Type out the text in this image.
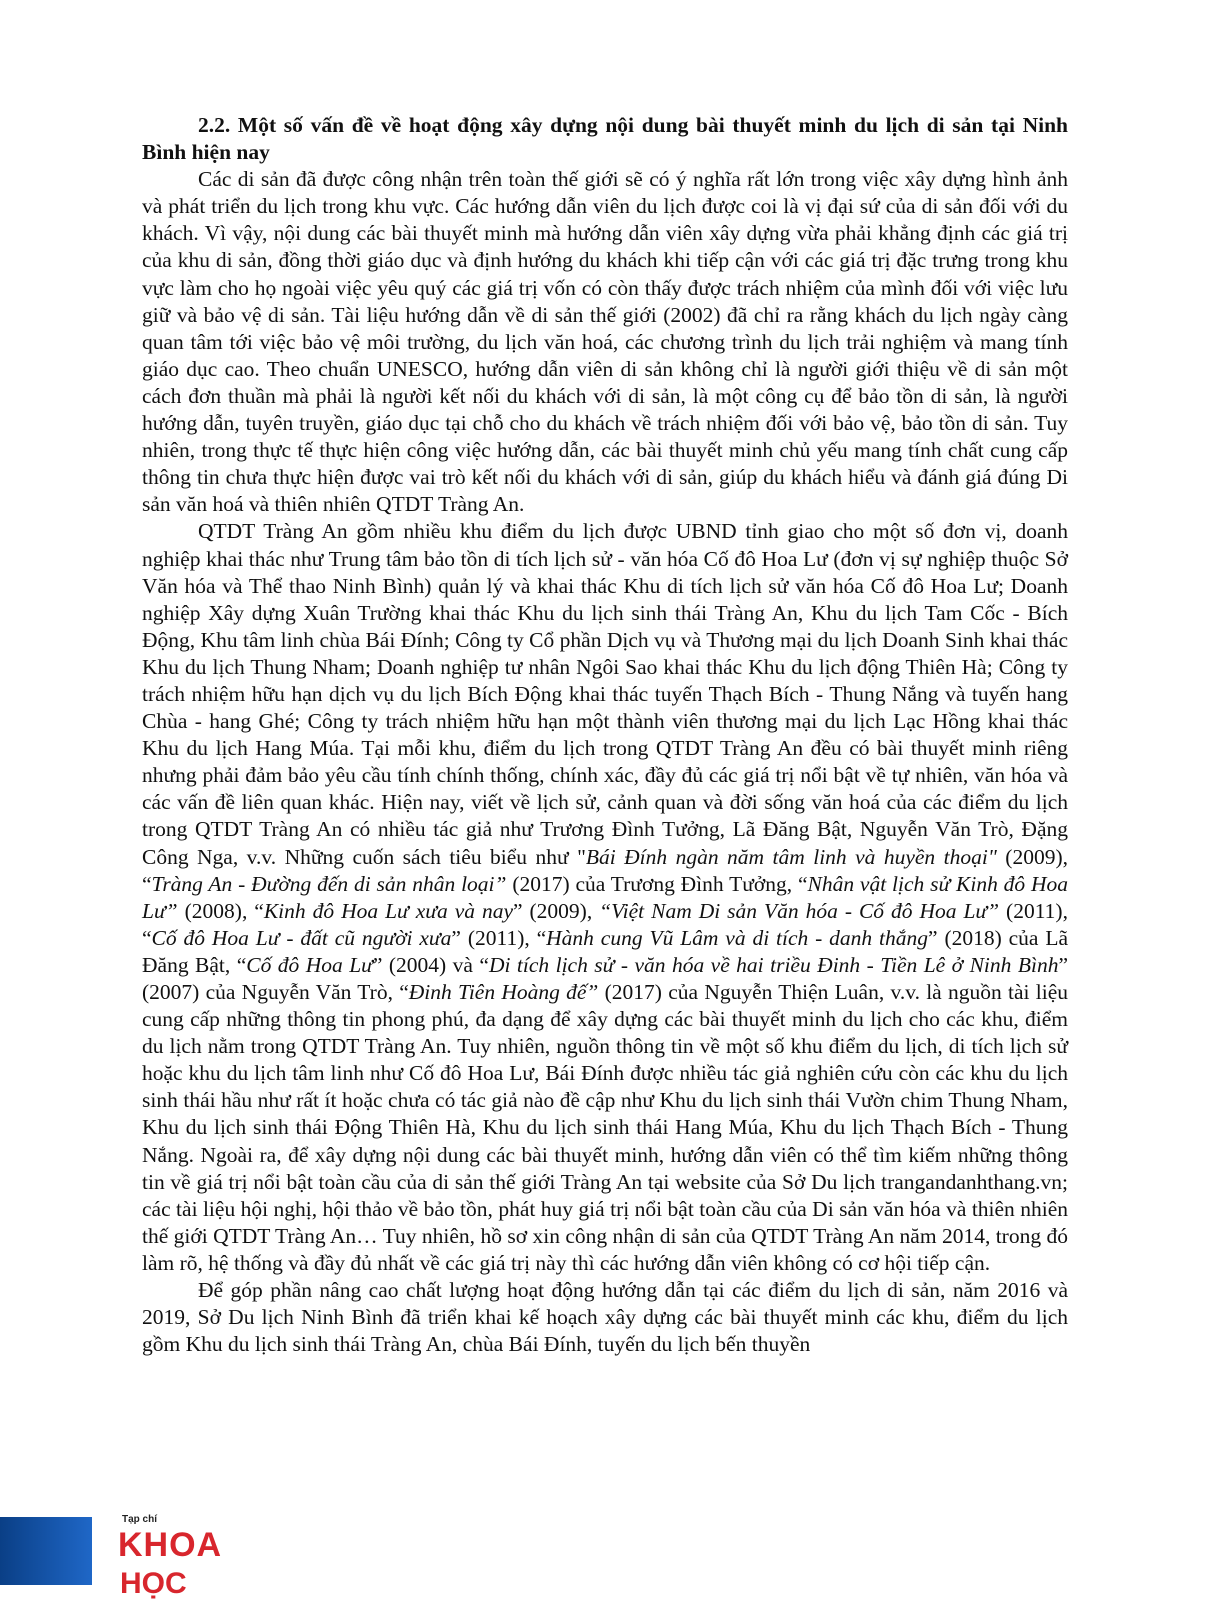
2.2. Một số vấn đề về hoạt động xây dựng nội dung bài thuyết minh du lịch di sản tại Ninh Bình hiện nay

Các di sản đã được công nhận trên toàn thế giới sẽ có ý nghĩa rất lớn trong việc xây dựng hình ảnh và phát triển du lịch trong khu vực. Các hướng dẫn viên du lịch được coi là vị đại sứ của di sản đối với du khách. Vì vậy, nội dung các bài thuyết minh mà hướng dẫn viên xây dựng vừa phải khẳng định các giá trị của khu di sản, đồng thời giáo dục và định hướng du khách khi tiếp cận với các giá trị đặc trưng trong khu vực làm cho họ ngoài việc yêu quý các giá trị vốn có còn thấy được trách nhiệm của mình đối với việc lưu giữ và bảo vệ di sản. Tài liệu hướng dẫn về di sản thế giới (2002) đã chỉ ra rằng khách du lịch ngày càng quan tâm tới việc bảo vệ môi trường, du lịch văn hoá, các chương trình du lịch trải nghiệm và mang tính giáo dục cao. Theo chuẩn UNESCO, hướng dẫn viên di sản không chỉ là người giới thiệu về di sản một cách đơn thuần mà phải là người kết nối du khách với di sản, là một công cụ để bảo tồn di sản, là người hướng dẫn, tuyên truyền, giáo dục tại chỗ cho du khách về trách nhiệm đối với bảo vệ, bảo tồn di sản. Tuy nhiên, trong thực tế thực hiện công việc hướng dẫn, các bài thuyết minh chủ yếu mang tính chất cung cấp thông tin chưa thực hiện được vai trò kết nối du khách với di sản, giúp du khách hiểu và đánh giá đúng Di sản văn hoá và thiên nhiên QTDT Tràng An.

QTDT Tràng An gồm nhiều khu điểm du lịch được UBND tỉnh giao cho một số đơn vị, doanh nghiệp khai thác như Trung tâm bảo tồn di tích lịch sử - văn hóa Cố đô Hoa Lư (đơn vị sự nghiệp thuộc Sở Văn hóa và Thể thao Ninh Bình) quản lý và khai thác Khu di tích lịch sử văn hóa Cố đô Hoa Lư; Doanh nghiệp Xây dựng Xuân Trường khai thác Khu du lịch sinh thái Tràng An, Khu du lịch Tam Cốc - Bích Động, Khu tâm linh chùa Bái Đính; Công ty Cổ phần Dịch vụ và Thương mại du lịch Doanh Sinh khai thác Khu du lịch Thung Nham; Doanh nghiệp tư nhân Ngôi Sao khai thác Khu du lịch động Thiên Hà; Công ty trách nhiệm hữu hạn dịch vụ du lịch Bích Động khai thác tuyến Thạch Bích - Thung Nắng và tuyến hang Chùa - hang Ghé; Công ty trách nhiệm hữu hạn một thành viên thương mại du lịch Lạc Hồng khai thác Khu du lịch Hang Múa. Tại mỗi khu, điểm du lịch trong QTDT Tràng An đều có bài thuyết minh riêng nhưng phải đảm bảo yêu cầu tính chính thống, chính xác, đầy đủ các giá trị nổi bật về tự nhiên, văn hóa và các vấn đề liên quan khác. Hiện nay, viết về lịch sử, cảnh quan và đời sống văn hoá của các điểm du lịch trong QTDT Tràng An có nhiều tác giả như Trương Đình Tưởng, Lã Đăng Bật, Nguyễn Văn Trò, Đặng Công Nga, v.v. Những cuốn sách tiêu biểu như "Bái Đính ngàn năm tâm linh và huyền thoại" (2009), “Tràng An - Đường đến di sản nhân loại” (2017) của Trương Đình Tưởng, “Nhân vật lịch sử Kinh đô Hoa Lư” (2008), “Kinh đô Hoa Lư xưa và nay” (2009), “Việt Nam Di sản Văn hóa - Cố đô Hoa Lư” (2011), “Cố đô Hoa Lư - đất cũ người xưa” (2011), “Hành cung Vũ Lâm và di tích - danh thắng” (2018) của Lã Đăng Bật, “Cố đô Hoa Lư” (2004) và “Di tích lịch sử - văn hóa về hai triều Đinh - Tiền Lê ở Ninh Bình” (2007) của Nguyễn Văn Trò, “Đinh Tiên Hoàng đế” (2017) của Nguyễn Thiện Luân, v.v. là nguồn tài liệu cung cấp những thông tin phong phú, đa dạng để xây dựng các bài thuyết minh du lịch cho các khu, điểm du lịch nằm trong QTDT Tràng An. Tuy nhiên, nguồn thông tin về một số khu điểm du lịch, di tích lịch sử hoặc khu du lịch tâm linh như Cố đô Hoa Lư, Bái Đính được nhiều tác giả nghiên cứu còn các khu du lịch sinh thái hầu như rất ít hoặc chưa có tác giả nào đề cập như Khu du lịch sinh thái Vườn chim Thung Nham, Khu du lịch sinh thái Động Thiên Hà, Khu du lịch sinh thái Hang Múa, Khu du lịch Thạch Bích - Thung Nắng. Ngoài ra, để xây dựng nội dung các bài thuyết minh, hướng dẫn viên có thể tìm kiếm những thông tin về giá trị nổi bật toàn cầu của di sản thế giới Tràng An tại website của Sở Du lịch trangandanhthang.vn; các tài liệu hội nghị, hội thảo về bảo tồn, phát huy giá trị nổi bật toàn cầu của Di sản văn hóa và thiên nhiên thế giới QTDT Tràng An… Tuy nhiên, hồ sơ xin công nhận di sản của QTDT Tràng An năm 2014, trong đó làm rõ, hệ thống và đầy đủ nhất về các giá trị này thì các hướng dẫn viên không có cơ hội tiếp cận.

Để góp phần nâng cao chất lượng hoạt động hướng dẫn tại các điểm du lịch di sản, năm 2016 và 2019, Sở Du lịch Ninh Bình đã triển khai kế hoạch xây dựng các bài thuyết minh các khu, điểm du lịch gồm Khu du lịch sinh thái Tràng An, chùa Bái Đính, tuyến du lịch bến thuyền

Tạp chí
KHOA
HỌC
